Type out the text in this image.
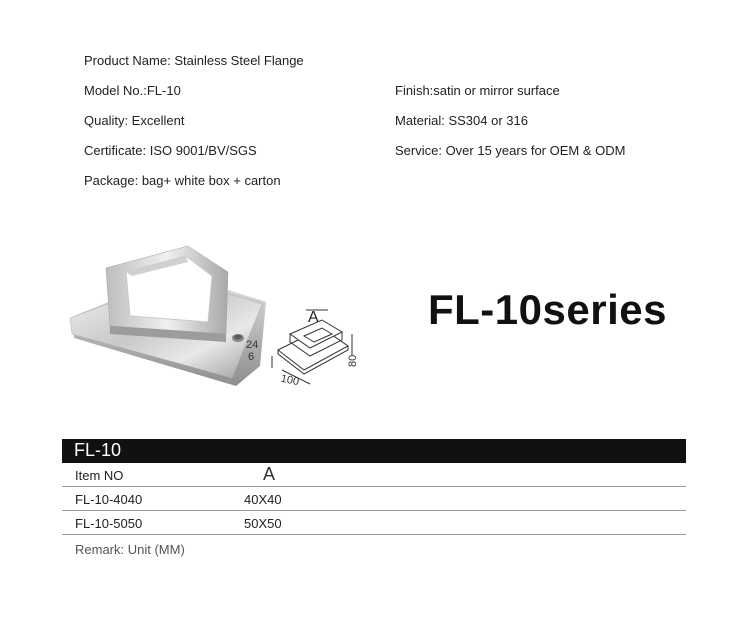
Product Name: Stainless Steel Flange
Model No.:FL-10
Quality: Excellent
Certificate: ISO 9001/BV/SGS
Package: bag+ white box + carton
Finish:satin or mirror surface
Material: SS304 or 316
Service: Over 15 years for OEM & ODM
A
24
6
100
80
FL-10series
FL-10
Item NO	A
FL-10-4040	40X40
FL-10-5050	50X50
Remark: Unit (MM)
